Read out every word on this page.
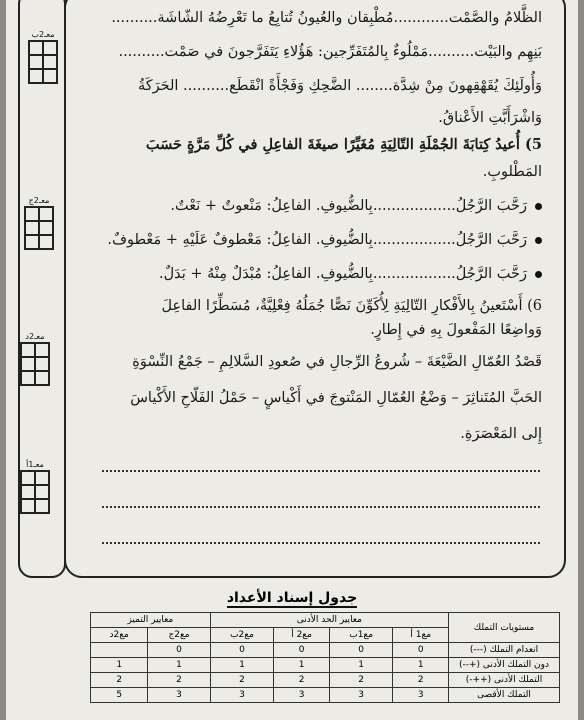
معـ2ب
معـ2ج
معـ2د
معـ1أ
الظَّلامُ والصَّمْت............مُطْبِقان والعُيونُ تُتابِعُ ما تَعْرِضُهُ الشّاشَة..........
بَنِهِم والبَيْت..........مَمْلُوءٌ بِالمُتَفَرِّجين: هَؤُلاءِ يَتَفَرَّجونَ في صَمْت..........
وَأُولَئِكَ يُقَهْقِهونَ مِنْ شِدَّة........ الضَّحِكِ وَفَجْأَةً انْقَطَع.......... الحَرَكَةُ
وَاشْرَأَبَّتِ الأَعْناقُ.
5) أُعيدُ كِتابَةَ الجُمْلَةِ التّالِيَةِ مُغَيِّرًا صيغَةَ الفاعِلِ في كُلِّ مَرَّةٍ حَسَبَ
المَطْلوبِ.
رَحَّبَ الرَّجُلُ..................بِالضُّيوفِ. الفاعِلُ: مَنْعوتٌ + نَعْتٌ.
رَحَّبَ الرَّجُلُ..................بِالضُّيوفِ. الفاعِلُ: مَعْطوفٌ عَلَيْهِ + مَعْطوفٌ.
رَحَّبَ الرَّجُلُ..................بِالضُّيوفِ. الفاعِلُ: مُبْدَلٌ مِنْهُ + بَدَلٌ.
6) أَسْتَعينُ بِالأَفْكارِ التّالِيَةِ لِأُكَوِّنَ نَصًّا جُمَلُهُ فِعْلِيَّةٌ، مُسَطِّرًا الفاعِلَ
وَواضِعًا المَفْعولَ بِهِ في إِطارٍ.
قَصْدُ العُمّالِ الضَّيْعَةَ – شُروعُ الرِّجالِ في صُعودِ السَّلالِمِ – جَمْعُ النِّسْوَةِ
الحَبَّ المُتَناثِرَ – وَضْعُ العُمّالِ المَنْتوجَ في أَكْياسٍ – حَمْلُ الفَلّاحِ الأَكْياسَ
إِلى المَعْصَرَةِ.
جدول إسناد الأعداد
مستويات التملك	معايير الحد الأدنى				معايير التميز	
	مع1 أ	مع1ب	مع2 أ	مع2ب	مع2ج	مع2د
انعدام التملك (---)	0	0	0	0	0	
دون التملك الأدنى (+--)	1	1	1	1	1	1
التملك الأدنى (++-)	2	2	2	2	2	2
التملك الأقصى	3	3	3	3	3	5
